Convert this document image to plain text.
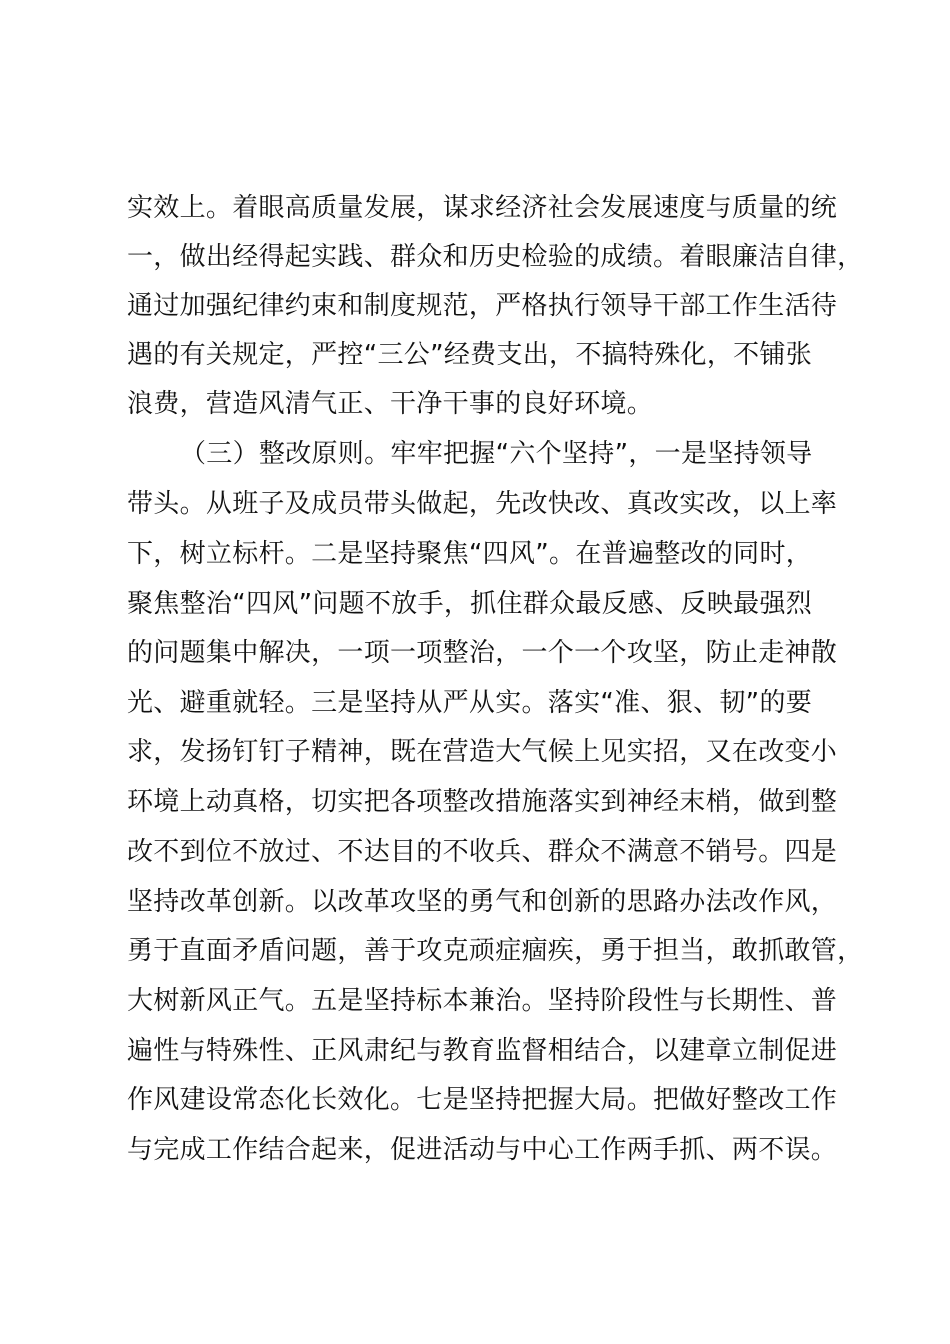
实效上。着眼高质量发展，谋求经济社会发展速度与质量的统
一，做出经得起实践、群众和历史检验的成绩。着眼廉洁自律，
通过加强纪律约束和制度规范，严格执行领导干部工作生活待
遇的有关规定，严控“三公”经费支出，不搞特殊化，不铺张
浪费，营造风清气正、干净干事的良好环境。
（三）整改原则。牢牢把握“六个坚持”，一是坚持领导
带头。从班子及成员带头做起，先改快改、真改实改，以上率
下，树立标杆。二是坚持聚焦“四风”。在普遍整改的同时，
聚焦整治“四风”问题不放手，抓住群众最反感、反映最强烈
的问题集中解决，一项一项整治，一个一个攻坚，防止走神散
光、避重就轻。三是坚持从严从实。落实“准、狠、韧”的要
求，发扬钉钉子精神，既在营造大气候上见实招，又在改变小
环境上动真格，切实把各项整改措施落实到神经末梢，做到整
改不到位不放过、不达目的不收兵、群众不满意不销号。四是
坚持改革创新。以改革攻坚的勇气和创新的思路办法改作风，
勇于直面矛盾问题，善于攻克顽症痼疾，勇于担当，敢抓敢管，
大树新风正气。五是坚持标本兼治。坚持阶段性与长期性、普
遍性与特殊性、正风肃纪与教育监督相结合，以建章立制促进
作风建设常态化长效化。七是坚持把握大局。把做好整改工作
与完成工作结合起来，促进活动与中心工作两手抓、两不误。
